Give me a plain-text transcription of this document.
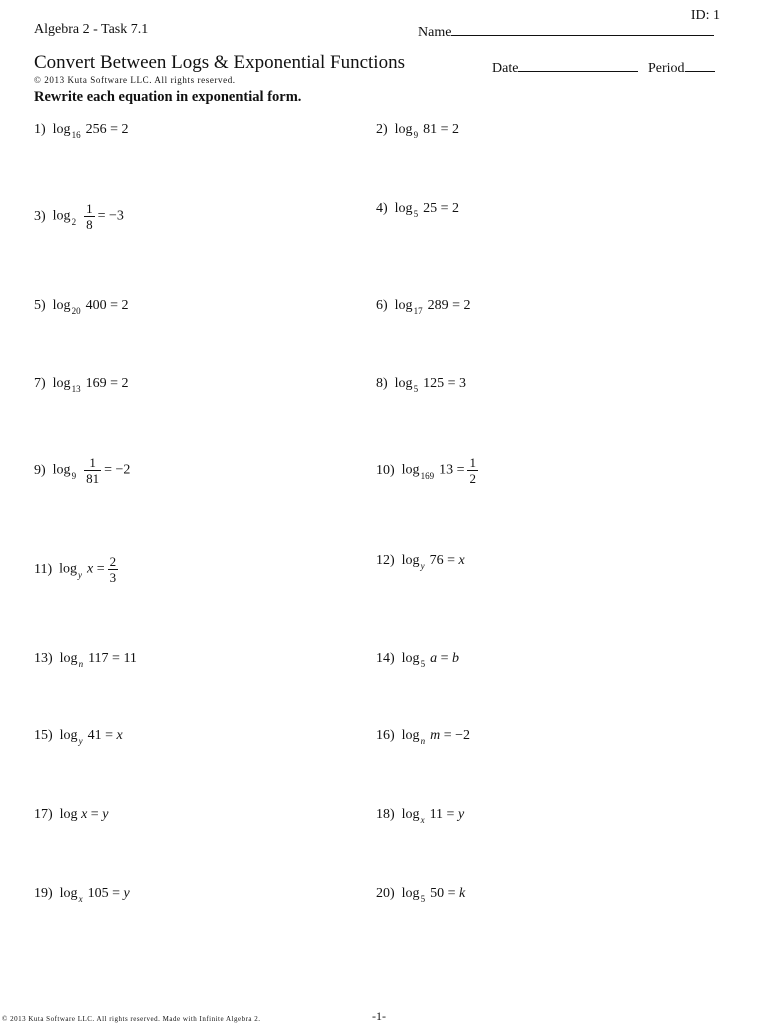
ID: 1
Algebra 2 - Task 7.1	Name
Convert Between Logs & Exponential Functions	Date	Period
© 2013 Kuta Software LLC. All rights reserved.
Rewrite each equation in exponential form.
1) $\log_{16} 256 = 2$
3) $\log_2 \frac{1}{8} = -3$
5) $\log_{20} 400 = 2$
7) $\log_{13} 169 = 2$
9) $\log_9 \frac{1}{81} = -2$
11) $\log_y x = \frac{2}{3}$
13) $\log_n 117 = 11$
15) $\log_y 41 = x$
17) log x = y
19) $\log_x 105 = y$
2) $\log_9 81 = 2$
4) $\log_5 25 = 2$
6) $\log_{17} 289 = 2$
8) $\log_5 125 = 3$
10) $\log_{169} 13 = \frac{1}{2}$
12) $\log_y 76 = x$
14) $\log_5 a = b$
16) $\log_n m = -2$
18) $\log_x 11 = y$
20) $\log_5 50 = k$
© 2013 Kuta Software LLC. All rights reserved. Made with Infinite Algebra 2.	-1-
